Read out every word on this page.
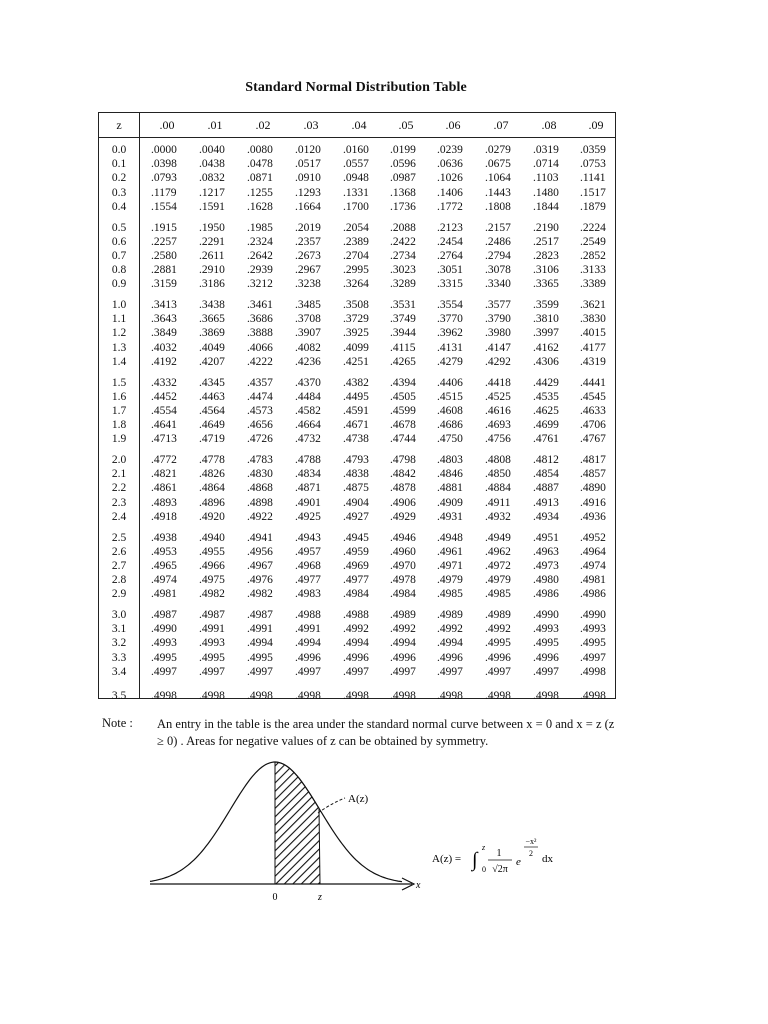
Standard Normal Distribution Table
z	.00	.01	.02	.03	.04	.05	.06	.07	.08	.09
0.0	.0000 .0040 .0080 .0120 .0160 .0199 .0239 .0279 .0319 .0359
0.1	.0398 .0438 .0478 .0517 .0557 .0596 .0636 .0675 .0714 .0753
0.2	.0793 .0832 .0871 .0910 .0948 .0987 .1026 .1064 .1103 .1141
0.3	.1179 .1217 .1255 .1293 .1331 .1368 .1406 .1443 .1480 .1517
0.4	.1554 .1591 .1628 .1664 .1700 .1736 .1772 .1808 .1844 .1879
0.5	.1915 .1950 .1985 .2019 .2054 .2088 .2123 .2157 .2190 .2224
0.6	.2257 .2291 .2324 .2357 .2389 .2422 .2454 .2486 .2517 .2549
0.7	.2580 .2611 .2642 .2673 .2704 .2734 .2764 .2794 .2823 .2852
0.8	.2881 .2910 .2939 .2967 .2995 .3023 .3051 .3078 .3106 .3133
0.9	.3159 .3186 .3212 .3238 .3264 .3289 .3315 .3340 .3365 .3389
1.0	.3413 .3438 .3461 .3485 .3508 .3531 .3554 .3577 .3599 .3621
1.1	.3643 .3665 .3686 .3708 .3729 .3749 .3770 .3790 .3810 .3830
1.2	.3849 .3869 .3888 .3907 .3925 .3944 .3962 .3980 .3997 .4015
1.3	.4032 .4049 .4066 .4082 .4099 .4115 .4131 .4147 .4162 .4177
1.4	.4192 .4207 .4222 .4236 .4251 .4265 .4279 .4292 .4306 .4319
1.5	.4332 .4345 .4357 .4370 .4382 .4394 .4406 .4418 .4429 .4441
1.6	.4452 .4463 .4474 .4484 .4495 .4505 .4515 .4525 .4535 .4545
1.7	.4554 .4564 .4573 .4582 .4591 .4599 .4608 .4616 .4625 .4633
1.8	.4641 .4649 .4656 .4664 .4671 .4678 .4686 .4693 .4699 .4706
1.9	.4713 .4719 .4726 .4732 .4738 .4744 .4750 .4756 .4761 .4767
2.0	.4772 .4778 .4783 .4788 .4793 .4798 .4803 .4808 .4812 .4817
2.1	.4821 .4826 .4830 .4834 .4838 .4842 .4846 .4850 .4854 .4857
2.2	.4861 .4864 .4868 .4871 .4875 .4878 .4881 .4884 .4887 .4890
2.3	.4893 .4896 .4898 .4901 .4904 .4906 .4909 .4911 .4913 .4916
2.4	.4918 .4920 .4922 .4925 .4927 .4929 .4931 .4932 .4934 .4936
2.5	.4938 .4940 .4941 .4943 .4945 .4946 .4948 .4949 .4951 .4952
2.6	.4953 .4955 .4956 .4957 .4959 .4960 .4961 .4962 .4963 .4964
2.7	.4965 .4966 .4967 .4968 .4969 .4970 .4971 .4972 .4973 .4974
2.8	.4974 .4975 .4976 .4977 .4977 .4978 .4979 .4979 .4980 .4981
2.9	.4981 .4982 .4982 .4983 .4984 .4984 .4985 .4985 .4986 .4986
3.0	.4987 .4987 .4987 .4988 .4988 .4989 .4989 .4989 .4990 .4990
3.1	.4990 .4991 .4991 .4991 .4992 .4992 .4992 .4992 .4993 .4993
3.2	.4993 .4993 .4994 .4994 .4994 .4994 .4994 .4995 .4995 .4995
3.3	.4995 .4995 .4995 .4996 .4996 .4996 .4996 .4996 .4996 .4997
3.4	.4997 .4997 .4997 .4997 .4997 .4997 .4997 .4997 .4997 .4998
3.5	.4998 .4998 .4998 .4998 .4998 .4998 .4998 .4998 .4998 .4998
Note : An entry in the table is the area under the standard normal curve between x = 0 and x = z (z ≥ 0) . Areas for negative values of z can be obtained by symmetry.
A(z)
0	z
x
A(z) = ∫
z
0
1
√2π
e
−x²
2 dx
